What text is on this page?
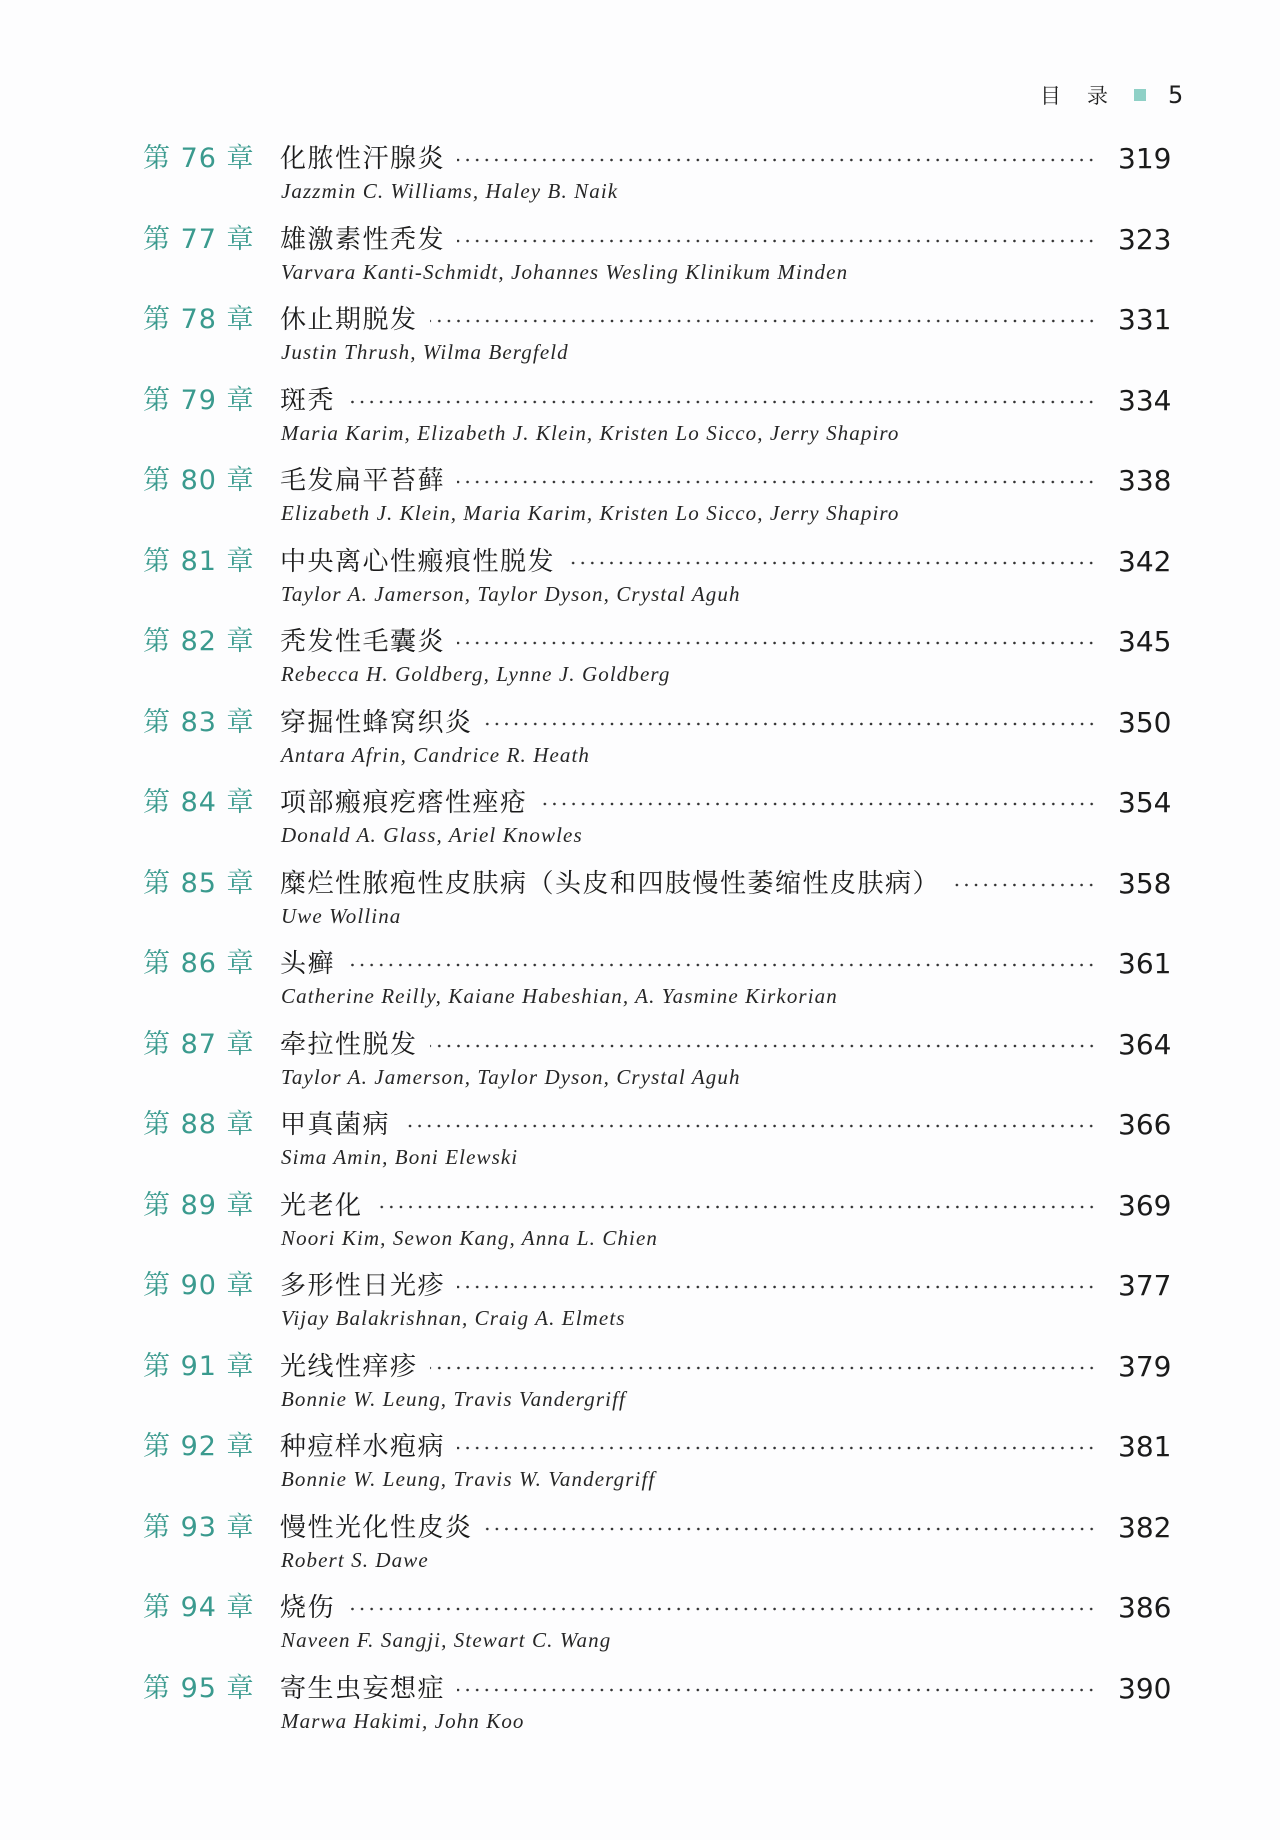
目 录	5
第 76 章 化脓性汗腺炎	319
Jazzmin C. Williams, Haley B. Naik
第 77 章 雄激素性秃发	323
Varvara Kanti-Schmidt, Johannes Wesling Klinikum Minden
第 78 章 休止期脱发	331
Justin Thrush, Wilma Bergfeld
第 79 章 斑秃	334
Maria Karim, Elizabeth J. Klein, Kristen Lo Sicco, Jerry Shapiro
第 80 章 毛发扁平苔藓	338
Elizabeth J. Klein, Maria Karim, Kristen Lo Sicco, Jerry Shapiro
第 81 章 中央离心性瘢痕性脱发	342
Taylor A. Jamerson, Taylor Dyson, Crystal Aguh
第 82 章 秃发性毛囊炎	345
Rebecca H. Goldberg, Lynne J. Goldberg
第 83 章 穿掘性蜂窝织炎	350
Antara Afrin, Candrice R. Heath
第 84 章 项部瘢痕疙瘩性痤疮	354
Donald A. Glass, Ariel Knowles
第 85 章 糜烂性脓疱性皮肤病（头皮和四肢慢性萎缩性皮肤病）	358
Uwe Wollina
第 86 章 头癣	361
Catherine Reilly, Kaiane Habeshian, A. Yasmine Kirkorian
第 87 章 牵拉性脱发	364
Taylor A. Jamerson, Taylor Dyson, Crystal Aguh
第 88 章 甲真菌病	366
Sima Amin, Boni Elewski
第 89 章 光老化	369
Noori Kim, Sewon Kang, Anna L. Chien
第 90 章 多形性日光疹	377
Vijay Balakrishnan, Craig A. Elmets
第 91 章 光线性痒疹	379
Bonnie W. Leung, Travis Vandergriff
第 92 章 种痘样水疱病	381
Bonnie W. Leung, Travis W. Vandergriff
第 93 章 慢性光化性皮炎	382
Robert S. Dawe
第 94 章 烧伤	386
Naveen F. Sangji, Stewart C. Wang
第 95 章 寄生虫妄想症	390
Marwa Hakimi, John Koo
